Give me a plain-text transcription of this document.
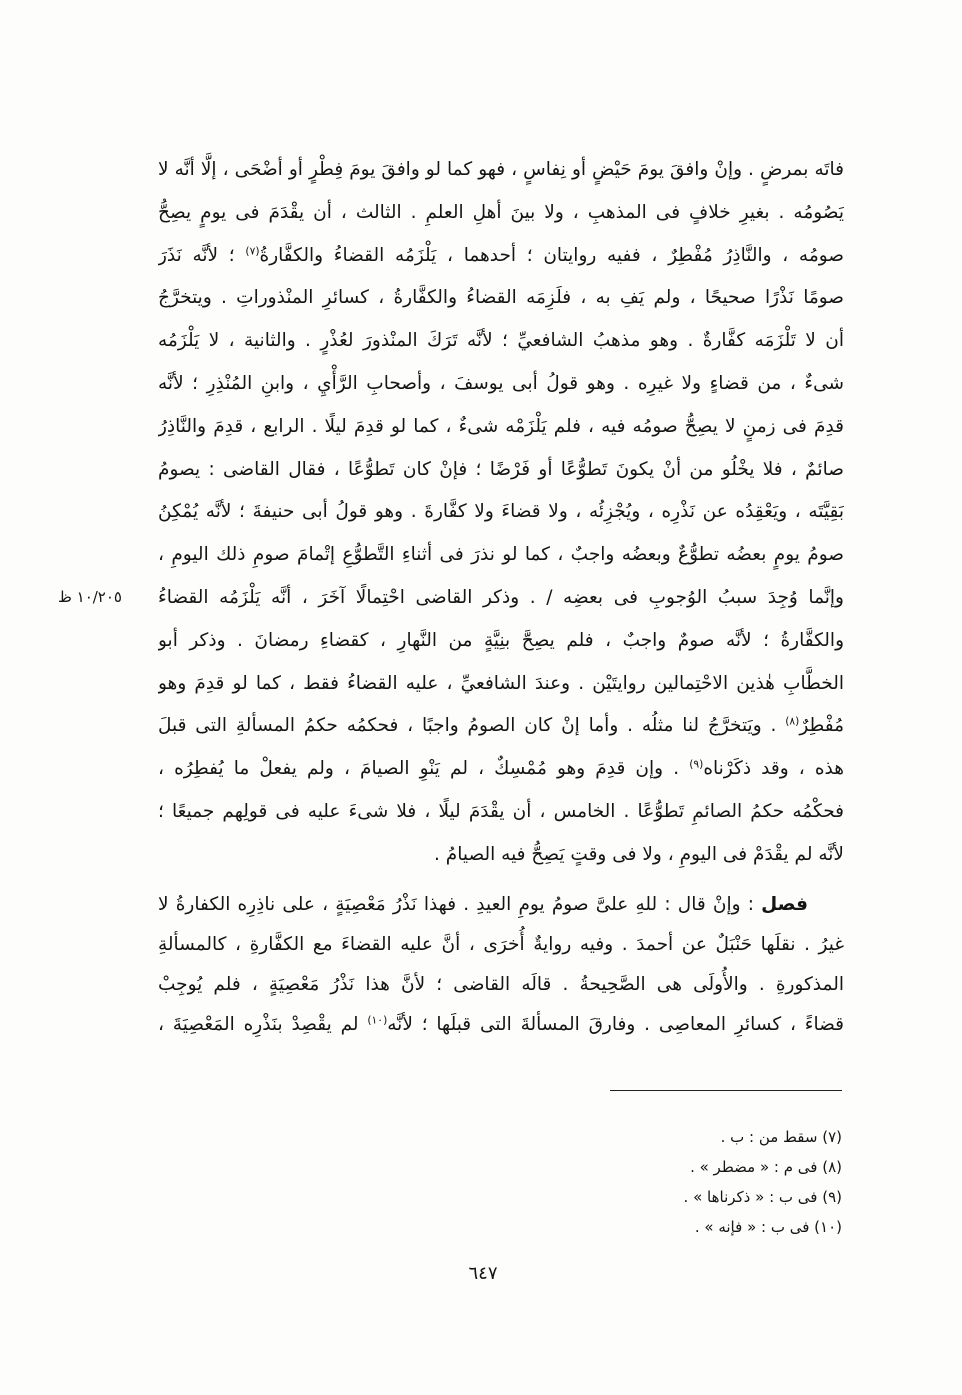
١٠/٢٠٥ ظ
فاتَه بمرضٍ . وإنْ وافقَ يومَ حَيْضٍ أو نِفاسٍ ، فهو كما لو وافقَ يومَ فِطْرٍ أو أضْحَى ، إلَّا أنَّه لا
يَصُومُه . بغيرِ خلافٍ فى المذهبِ ، ولا بينَ أهلِ العلمِ . الثالث ، أن يقْدَمَ فى يومٍ يصِحُّ
صومُه ، والنَّاذِرُ مُفْطِرٌ ، ففيه روايتان ؛ أحدهما ، يَلْزَمُه القضاءُ والكفَّارةُ$^{(٧)}$ ؛ لأنَّه نَذَرَ
صومًا نَذْرًا صحيحًا ، ولم يَفِ به ، فلَزِمَه القضاءُ والكفَّارةُ ، كسائرِ المنْذوراتِ . ويتخرَّجُ
أن لا تَلْزَمَه كفَّارةٌ . وهو مذهبُ الشافعيِّ ؛ لأنَّه تَرَكَ المنْذورَ لعُذْرٍ . والثانية ، لا يَلْزَمُه
شىءٌ ، من قضاءٍ ولا غيرِه . وهو قولُ أبى يوسفَ ، وأصحابِ الرَّأْيِ ، وابنِ المُنْذِرِ ؛ لأنَّه
قدِمَ فى زمنٍ لا يصِحُّ صومُه فيه ، فلم يَلْزَمْه شىءٌ ، كما لو قدِمَ ليلًا . الرابع ، قدِمَ والنَّاذِرُ
صائمٌ ، فلا يخْلُو من أنْ يكونَ تَطوُّعًا أو فَرْضًا ؛ فإنْ كان تَطوُّعًا ، فقال القاضى : يصومُ
بَقِيَّتَه ، ويَعْقِدُه عن نَذْرِه ، ويُجْزِئُه ، ولا قضاءَ ولا كفَّارةَ . وهو قولُ أبى حنيفةَ ؛ لأنَّه يُمْكِنُ
صومُ يومٍ بعضُه تطوُّعٌ وبعضُه واجبٌ ، كما لو نذرَ فى أثناءِ التَّطوُّعِ إتْمامَ صومِ ذلك اليومِ ،
وإنَّما وُجِدَ سببُ الوُجوبِ فى بعضِه / . وذكر القاضى احْتِمالًا آخَرَ ، أنَّه يَلْزَمُه القضاءُ
والكفَّارةُ ؛ لأنَّه صومٌ واجبٌ ، فلم يصِحَّ بنِيَّةٍ من النَّهارِ ، كقضاءِ رمضانَ . وذكر أبو
الخطَّابِ هٰذين الاحْتِمالين روايتَيْن . وعندَ الشافعيِّ ، عليه القضاءُ فقط ، كما لو قدِمَ وهو
مُفْطِرٌ$^{(٨)}$ . ويَتخرَّجُ لنا مثلُه . وأما إنْ كان الصومُ واجبًا ، فحكمُه حكمُ المسألةِ التى قبلَ
هذه ، وقد ذكَرْناه$^{(٩)}$ . وإن قدِمَ وهو مُمْسِكٌ ، لم يَنْوِ الصيامَ ، ولم يفعلْ ما يُفطِرُه ،
فحكْمُه حكمُ الصائمِ تَطوُّعًا . الخامس ، أن يقْدَمَ ليلًا ، فلا شىءَ عليه فى قولِهم جميعًا ؛
لأنَّه لم يقْدَمْ فى اليومِ ، ولا فى وقتٍ يَصِحُّ فيه الصيامُ .
فصل : وإنْ قال : للهِ علىَّ صومُ يومِ العيدِ . فهذا نَذْرُ مَعْصِيَةٍ ، على ناذِرِه الكفارةُ لا
غيرُ . نقلَها حَنْبَلٌ عن أحمدَ . وفيه روايةٌ أُخرَى ، أنَّ عليه القضاءَ مع الكفَّارةِ ، كالمسألةِ
المذكورةِ . والأُولَى هى الصَّحِيحةُ . قالَه القاضى ؛ لأنَّ هذا نَذْرُ مَعْصِيَةٍ ، فلم يُوجِبْ
قضاءً ، كسائرِ المعاصِى . وفارقَ المسألةَ التى قبلَها ؛ لأنَّه$^{(١٠)}$ لم يقْصِدْ بنَذْرِه المَعْصِيَةَ ،
(٧) سقط من : ب .
(٨) فى م : « مضطر » .
(٩) فى ب : « ذكرناها » .
(١٠) فى ب : « فإنه » .
٦٤٧
